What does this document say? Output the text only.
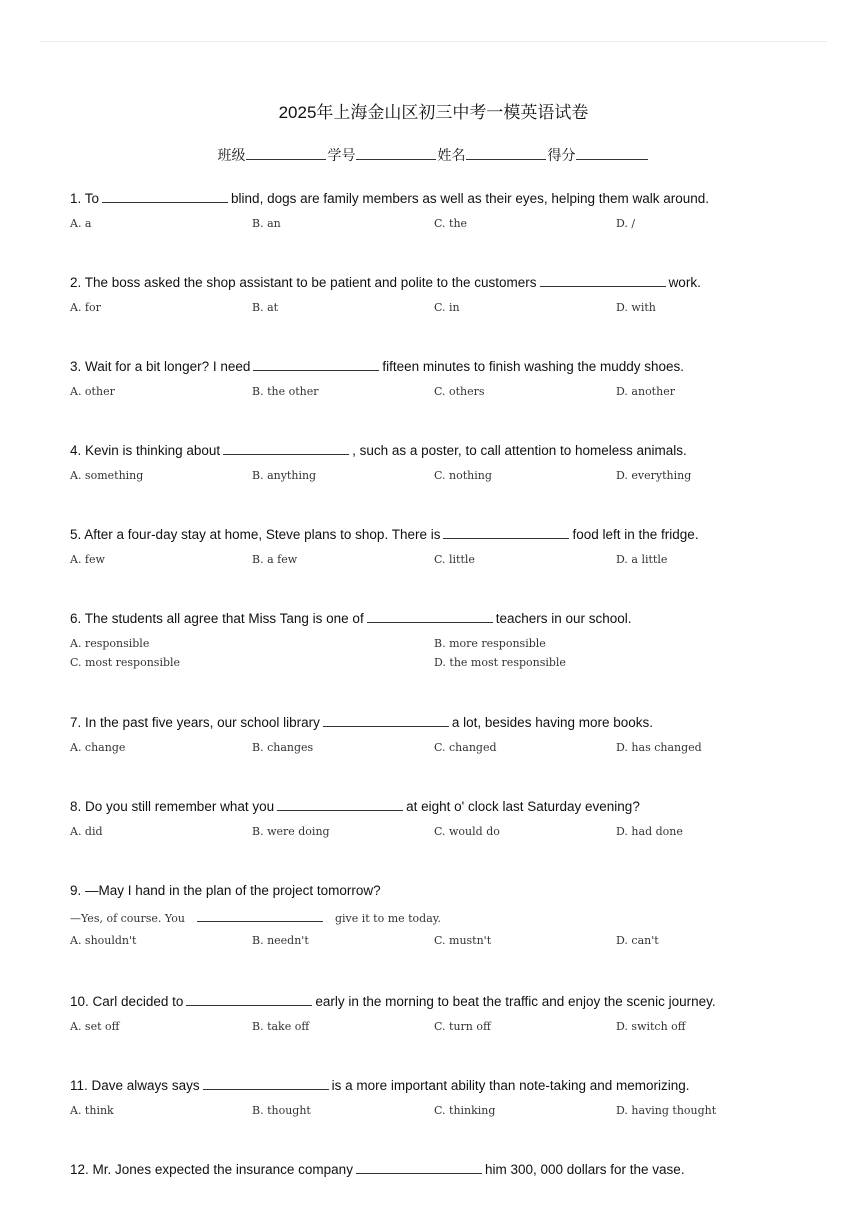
2025年上海金山区初三中考一模英语试卷
班级	学号	姓名	得分
1. To	blind, dogs are family members as well as their eyes, helping them walk around.
A. a	B. an	C. the	D. /
2. The boss asked the shop assistant to be patient and polite to the customers	work.
A. for	B. at	C. in	D. with
3. Wait for a bit longer? I need	fifteen minutes to finish washing the muddy shoes.
A. other	B. the other	C. others	D. another
4. Kevin is thinking about	, such as a poster, to call attention to homeless animals.
A. something	B. anything	C. nothing	D. everything
5. After a four-day stay at home, Steve plans to shop. There is	food left in the fridge.
A. few	B. a few	C. little	D. a little
6. The students all agree that Miss Tang is one of	teachers in our school.
A. responsible	B. more responsible
C. most responsible	D. the most responsible
7. In the past five years, our school library	a lot, besides having more books.
A. change	B. changes	C. changed	D. has changed
8. Do you still remember what you	at eight o' clock last Saturday evening?
A. did	B. were doing	C. would do	D. had done
9. —May I hand in the plan of the project tomorrow?
—Yes, of course. You	give it to me today.
A. shouldn't	B. needn't	C. mustn't	D. can't
10. Carl decided to	early in the morning to beat the traffic and enjoy the scenic journey.
A. set off	B. take off	C. turn off	D. switch off
11. Dave always says	is a more important ability than note-taking and memorizing.
A. think	B. thought	C. thinking	D. having thought
12. Mr. Jones expected the insurance company	him 300, 000 dollars for the vase.
